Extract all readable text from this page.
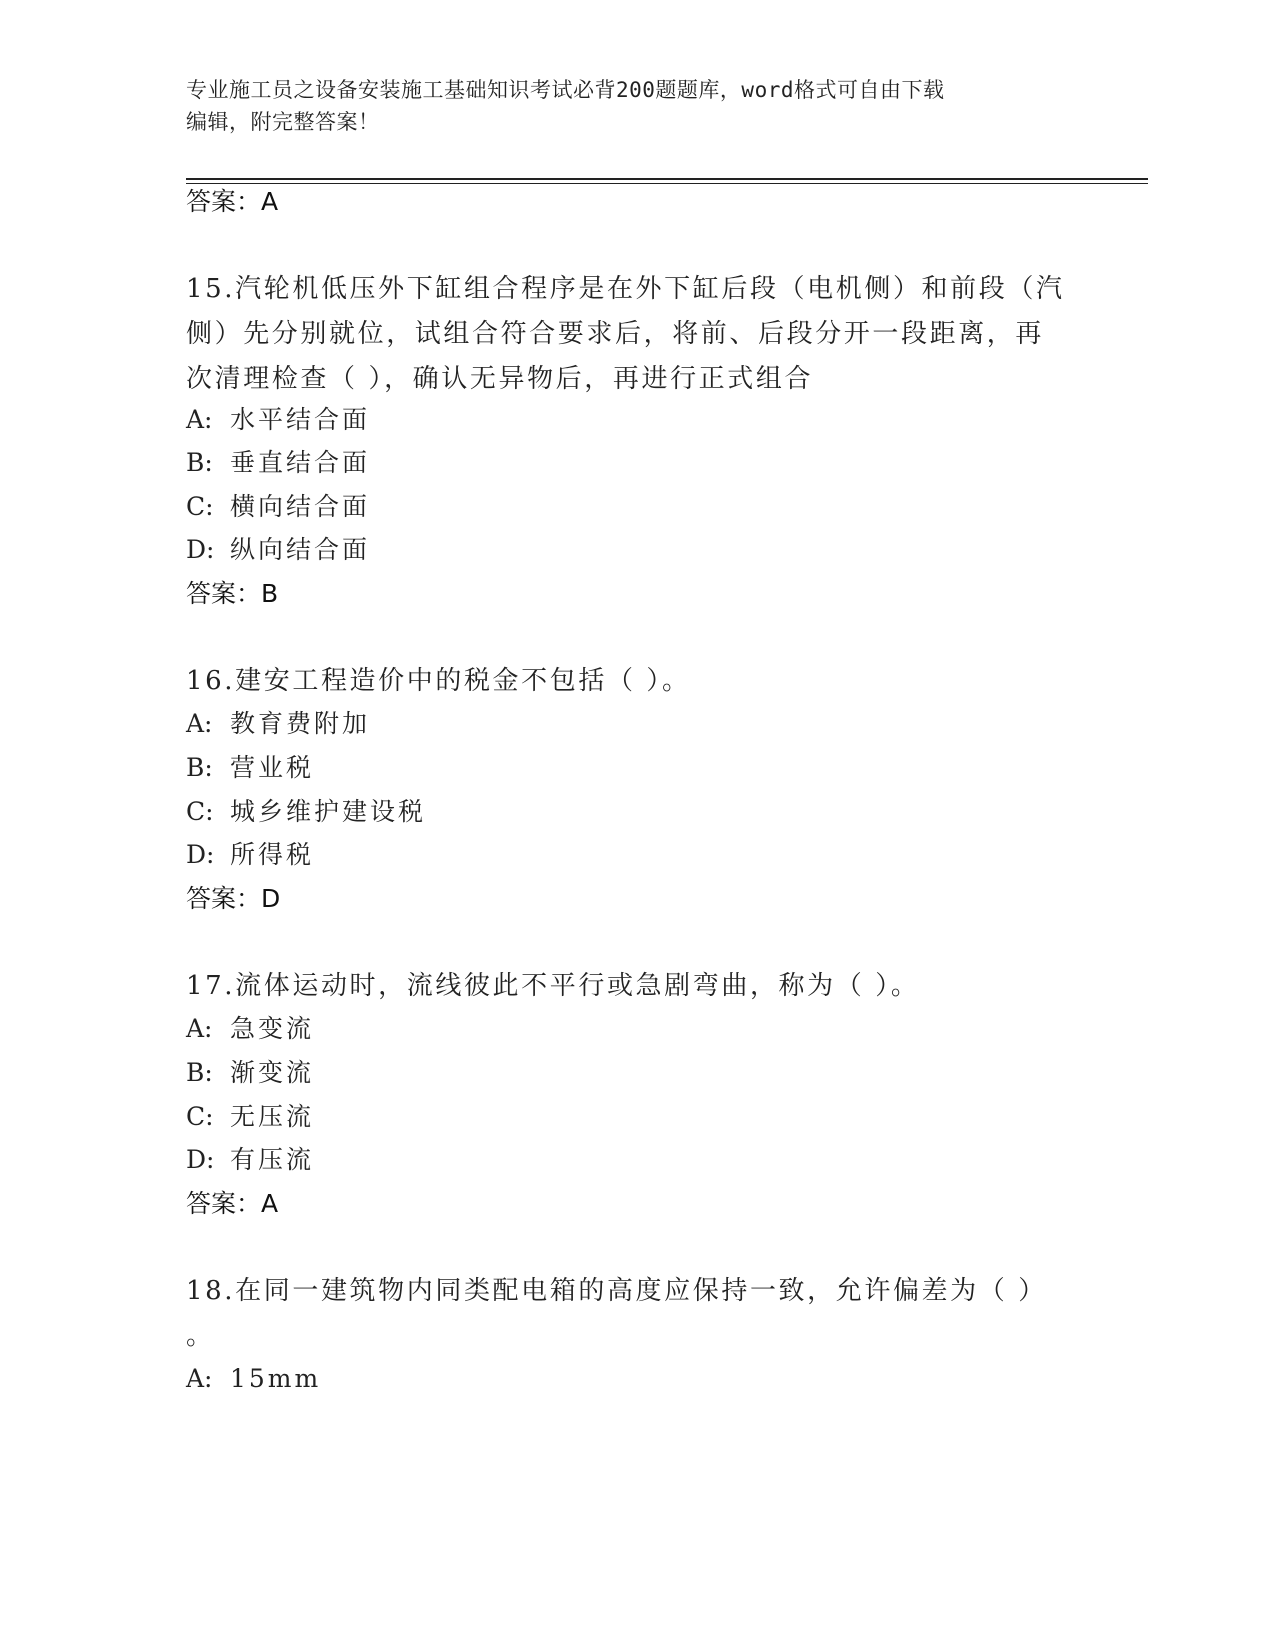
专业施工员之设备安装施工基础知识考试必背200题题库，word格式可自由下载
编辑，附完整答案！
答案：A
15.汽轮机低压外下缸组合程序是在外下缸后段（电机侧）和前段（汽
侧）先分别就位，试组合符合要求后，将前、后段分开一段距离，再
次清理检查（ ），确认无异物后，再进行正式组合
A: 水平结合面
B: 垂直结合面
C: 横向结合面
D: 纵向结合面
答案：B
16.建安工程造价中的税金不包括（ ）。
A: 教育费附加
B: 营业税
C: 城乡维护建设税
D: 所得税
答案：D
17.流体运动时，流线彼此不平行或急剧弯曲，称为（ ）。
A: 急变流
B: 渐变流
C: 无压流
D: 有压流
答案：A
18.在同一建筑物内同类配电箱的高度应保持一致，允许偏差为（ ）
。
A: 15mm
